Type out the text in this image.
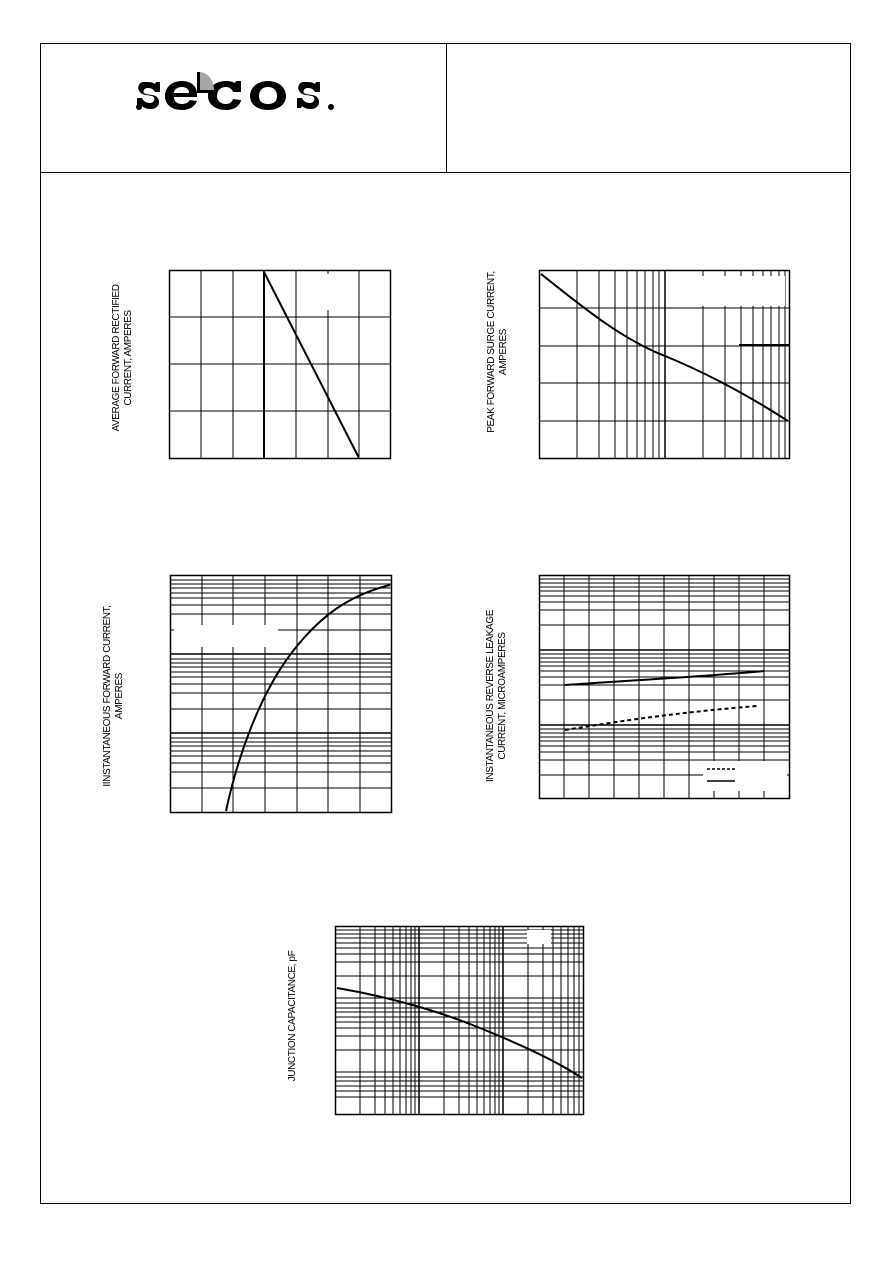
AVERAGE FORWARD RECTIFIED
CURRENT, AMPERES
PEAK FORWARD SURGE CURRENT,
AMPERES
IINSTANTANEOUS FORWARD CURRENT,
AMPERES
INSTANTANEOUS REVERSE LEAKAGE
CURRENT, MICROAMPERES
JUNCTION CAPACITANCE, pF
